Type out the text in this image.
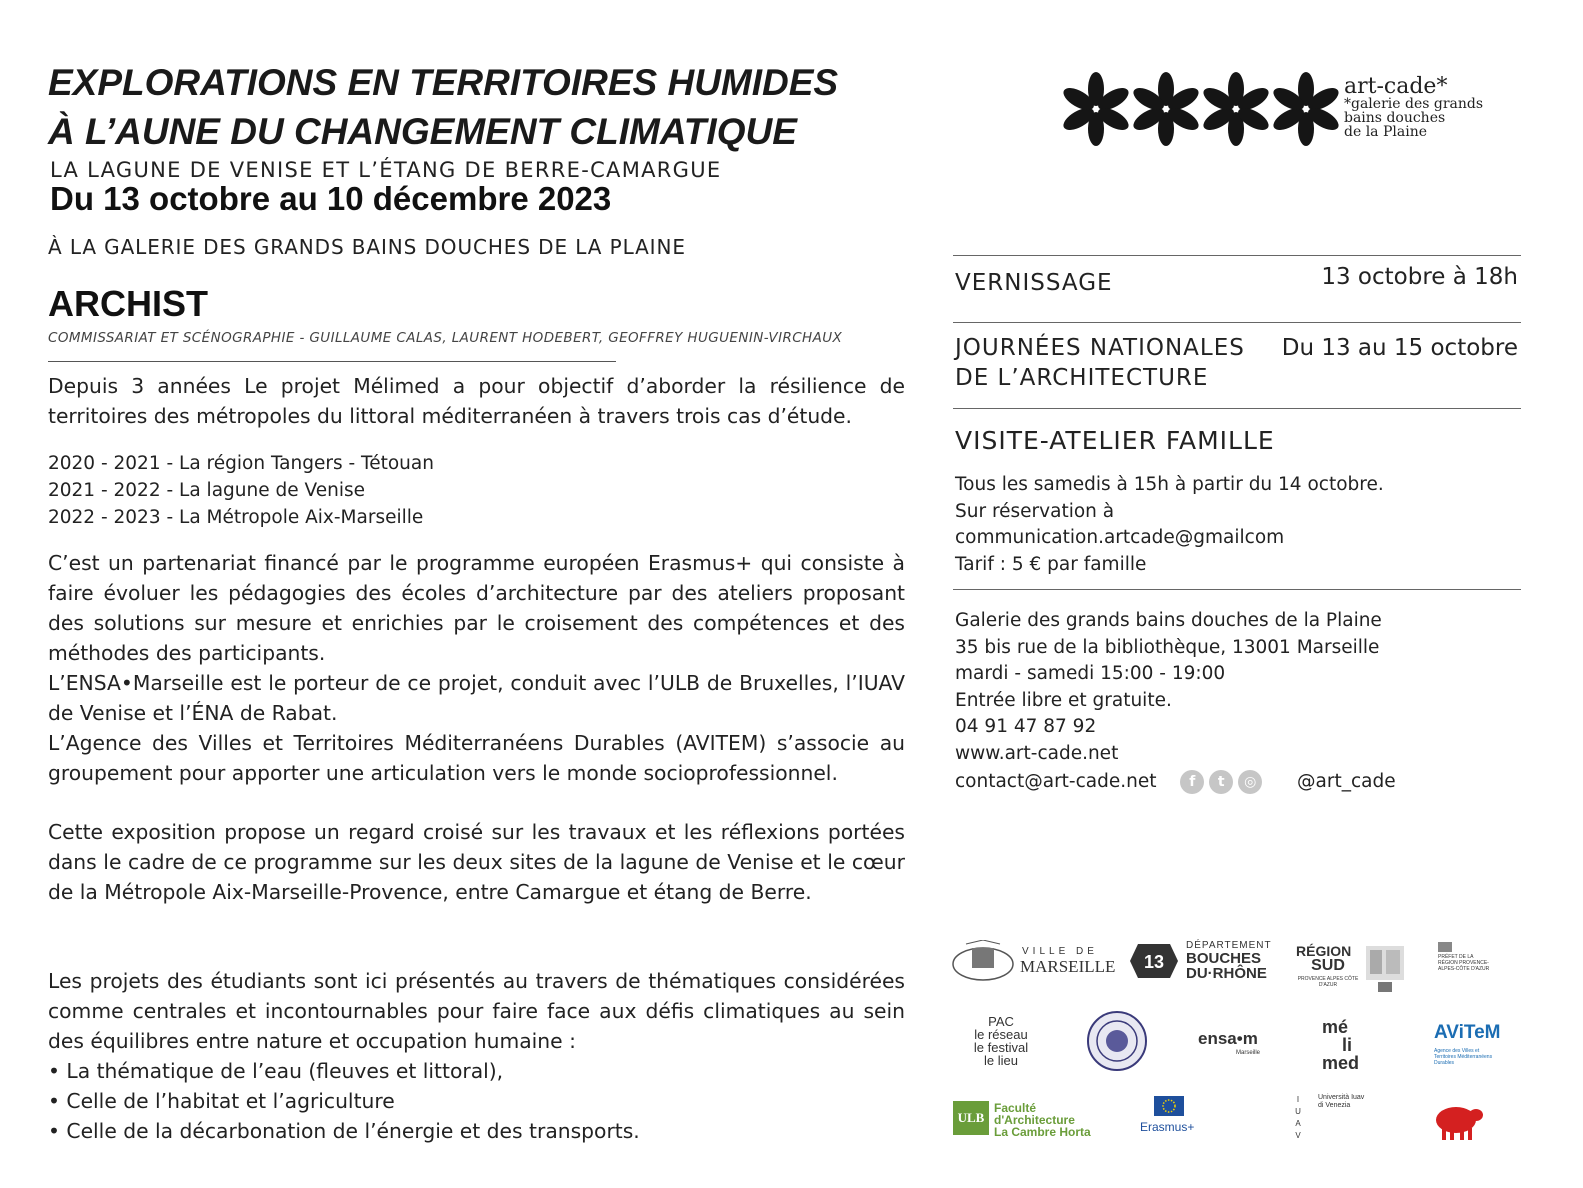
EXPLORATIONS EN TERRITOIRES HUMIDES
À L’AUNE DU CHANGEMENT CLIMATIQUE
LA LAGUNE DE VENISE ET L’ÉTANG DE BERRE-CAMARGUE
Du 13 octobre au 10 décembre 2023
À LA GALERIE DES GRANDS BAINS DOUCHES DE LA PLAINE
ARCHIST
COMMISSARIAT ET SCÉNOGRAPHIE - GUILLAUME CALAS, LAURENT HODEBERT, GEOFFREY HUGUENIN-VIRCHAUX
Depuis 3 années Le projet Mélimed a pour objectif d’aborder la résilience de territoires des métropoles du littoral méditerranéen à travers trois cas d’étude.
2020 - 2021 - La région Tangers - Tétouan
2021 - 2022 - La lagune de Venise
2022 - 2023 - La Métropole Aix-Marseille
C’est un partenariat financé par le programme européen Erasmus+ qui consiste à faire évoluer les pédagogies des écoles d’architecture par des ateliers proposant des solutions sur mesure et enrichies par le croisement des compétences et des méthodes des participants.
L’ENSA•Marseille est le porteur de ce projet, conduit avec l’ULB de Bruxelles, l’IUAV de Venise et l’ÉNA de Rabat.
L’Agence des Villes et Territoires Méditerranéens Durables (AVITEM) s’associe au groupement pour apporter une articulation vers le monde socioprofessionnel.
Cette exposition propose un regard croisé sur les travaux et les réflexions portées dans le cadre de ce programme sur les deux sites de la lagune de Venise et le cœur de la Métropole Aix-Marseille-Provence, entre Camargue et étang de Berre.
Les projets des étudiants sont ici présentés au travers de thématiques considérées comme centrales et incontournables pour faire face aux défis climatiques au sein des équilibres entre nature et occupation humaine :
• La thématique de l’eau (fleuves et littoral),
• Celle de l’habitat et l’agriculture
• Celle de la décarbonation de l’énergie et des transports.
art-cade*
*galerie des grands
bains douches
de la Plaine
VERNISSAGE	13 octobre à 18h
JOURNÉES NATIONALES
DE L’ARCHITECTURE
Du 13 au 15 octobre
VISITE-ATELIER FAMILLE
Tous les samedis à 15h à partir du 14 octobre.
Sur réservation à
communication.artcade@gmailcom
Tarif : 5 € par famille
Galerie des grands bains douches de la Plaine
35 bis rue de la bibliothèque, 13001 Marseille
mardi - samedi 15:00 - 19:00
Entrée libre et gratuite.
04 91 47 87 92
www.art-cade.net
contact@art-cade.net f t ◎ @art_cade
VILLE DE
MARSEILLE 13
DÉPARTEMENT
BOUCHES
DU·RHÔNE
RÉGION
SUD
PROVENCE ALPES CÔTE D'AZUR
PRÉFET DE LA RÉGION PROVENCE-ALPES-CÔTE D'AZUR
PAC
le réseau
le festival
le lieu
ensa•m
Marseille
mé
li
med
AViTeM
Agence des Villes et Territoires Méditerranéens Durables
ULB
Faculté
d'Architecture
La Cambre Horta	Erasmus+
I U A V
Università Iuav
di Venezia
